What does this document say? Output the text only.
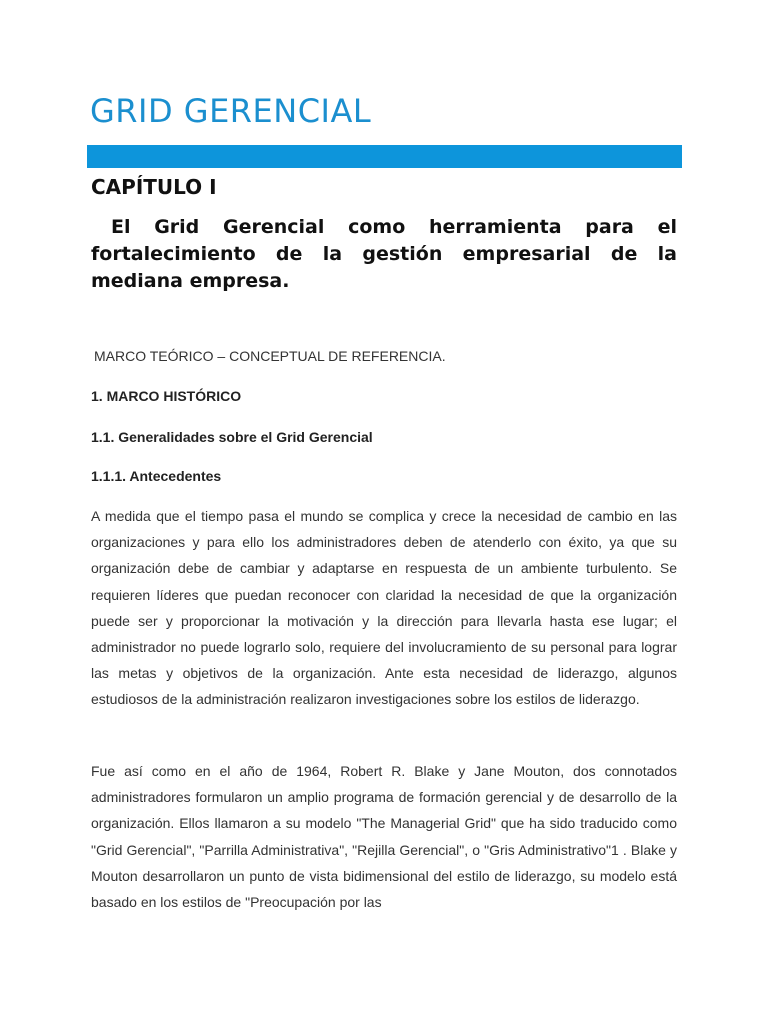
GRID GERENCIAL
CAPÍTULO I

El Grid Gerencial como herramienta para el fortalecimiento de la gestión empresarial de la mediana empresa.

MARCO TEÓRICO – CONCEPTUAL DE REFERENCIA.
1. MARCO HISTÓRICO
1.1. Generalidades sobre el Grid Gerencial
1.1.1. Antecedentes

A medida que el tiempo pasa el mundo se complica y crece la necesidad de cambio en las organizaciones y para ello los administradores deben de atenderlo con éxito, ya que su organización debe de cambiar y adaptarse en respuesta de un ambiente turbulento. Se requieren líderes que puedan reconocer con claridad la necesidad de que la organización puede ser y proporcionar la motivación y la dirección para llevarla hasta ese lugar; el administrador no puede lograrlo solo, requiere del involucramiento de su personal para lograr las metas y objetivos de la organización. Ante esta necesidad de liderazgo, algunos estudiosos de la administración realizaron investigaciones sobre los estilos de liderazgo.

Fue así como en el año de 1964, Robert R. Blake y Jane Mouton, dos connotados administradores formularon un amplio programa de formación gerencial y de desarrollo de la organización. Ellos llamaron a su modelo "The Managerial Grid" que ha sido traducido como "Grid Gerencial", "Parrilla Administrativa", "Rejilla Gerencial", o "Gris Administrativo"1 . Blake y Mouton desarrollaron un punto de vista bidimensional del estilo de liderazgo, su modelo está basado en los estilos de "Preocupación por las
